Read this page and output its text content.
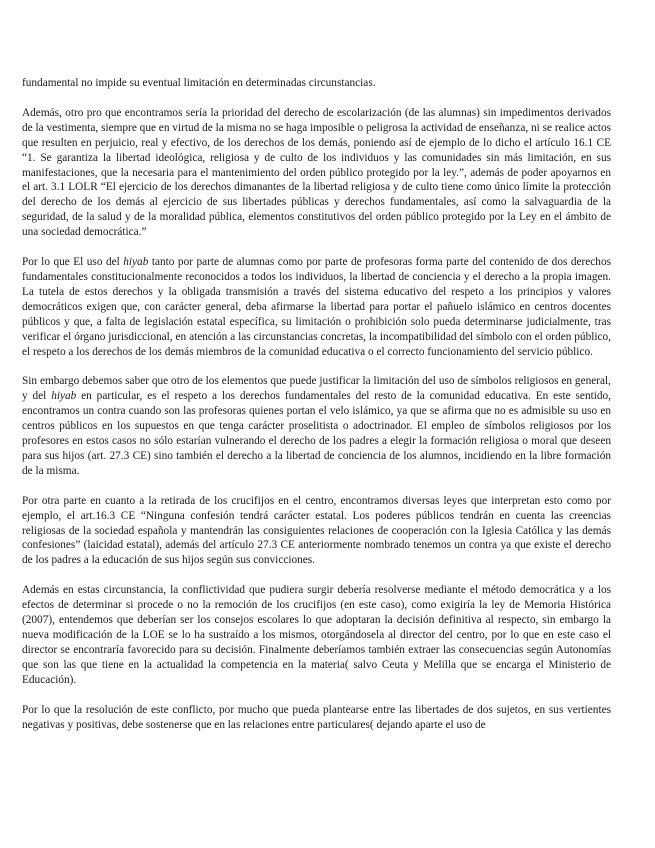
fundamental no impide su eventual limitación en determinadas circunstancias.

Además, otro pro que encontramos sería la prioridad del derecho de escolarización (de las alumnas) sin impedimentos derivados de la vestimenta, siempre que en virtud de la misma no se haga imposible o peligrosa la actividad de enseñanza, ni se realice actos que resulten en perjuicio, real y efectivo, de los derechos de los demás, poniendo así de ejemplo de lo dicho el artículo 16.1 CE “1. Se garantiza la libertad ideológica, religiosa y de culto de los individuos y las comunidades sin más limitación, en sus manifestaciones, que la necesaria para el mantenimiento del orden público protegido por la ley.”, además de poder apoyarnos en el art. 3.1 LOLR “El ejercicio de los derechos dimanantes de la libertad religiosa y de culto tiene como único límite la protección del derecho de los demás al ejercicio de sus libertades públicas y derechos fundamentales, así como la salvaguardia de la seguridad, de la salud y de la moralidad pública, elementos constitutivos del orden público protegido por la Ley en el ámbito de una sociedad democrática.”

Por lo que El uso del hiyab tanto por parte de alumnas como por parte de profesoras forma parte del contenido de dos derechos fundamentales constitucionalmente reconocidos a todos los individuos, la libertad de conciencia y el derecho a la propia imagen. La tutela de estos derechos y la obligada transmisión a través del sistema educativo del respeto a los principios y valores democráticos exigen que, con carácter general, deba afirmarse la libertad para portar el pañuelo islámico en centros docentes públicos y que, a falta de legislación estatal específica, su limitación o prohibición solo pueda determinarse judicialmente, tras verificar el órgano jurisdiccional, en atención a las circunstancias concretas, la incompatibilidad del símbolo con el orden público, el respeto a los derechos de los demás miembros de la comunidad educativa o el correcto funcionamiento del servicio público.

Sin embargo debemos saber que otro de los elementos que puede justificar la limitación del uso de símbolos religiosos en general, y del hiyab en particular, es el respeto a los derechos fundamentales del resto de la comunidad educativa. En este sentido, encontramos un contra cuando son las profesoras quienes portan el velo islámico, ya que se afirma que no es admisible su uso en centros públicos en los supuestos en que tenga carácter proselitista o adoctrinador. El empleo de símbolos religiosos por los profesores en estos casos no sólo estarían vulnerando el derecho de los padres a elegir la formación religiosa o moral que deseen para sus hijos (art. 27.3 CE) sino también el derecho a la libertad de conciencia de los alumnos, incidiendo en la libre formación de la misma.

Por otra parte en cuanto a la retirada de los crucifijos en el centro, encontramos diversas leyes que interpretan esto como por ejemplo, el art.16.3 CE “Ninguna confesión tendrá carácter estatal. Los poderes públicos tendrán en cuenta las creencias religiosas de la sociedad española y mantendrán las consiguientes relaciones de cooperación con la Iglesia Católica y las demás confesiones” (laicidad estatal), además del artículo 27.3 CE anteriormente nombrado tenemos un contra ya que existe el derecho de los padres a la educación de sus hijos según sus convicciones.

Además en estas circunstancia, la conflictividad que pudiera surgir debería resolverse mediante el método democrática y a los efectos de determinar si procede o no la remoción de los crucifijos (en este caso), como exigiría la ley de Memoria Histórica (2007), entendemos que deberían ser los consejos escolares lo que adoptaran la decisión definitiva al respecto, sin embargo la nueva modificación de la LOE se lo ha sustraído a los mismos, otorgándosela al director del centro, por lo que en este caso el director se encontraría favorecido para su decisión. Finalmente deberíamos también extraer las consecuencias según Autonomías que son las que tiene en la actualidad la competencia en la materia( salvo Ceuta y Melilla que se encarga el Ministerio de Educación).

Por lo que la resolución de este conflicto, por mucho que pueda plantearse entre las libertades de dos sujetos, en sus vertientes negativas y positivas, debe sostenerse que en las relaciones entre particulares( dejando aparte el uso de
